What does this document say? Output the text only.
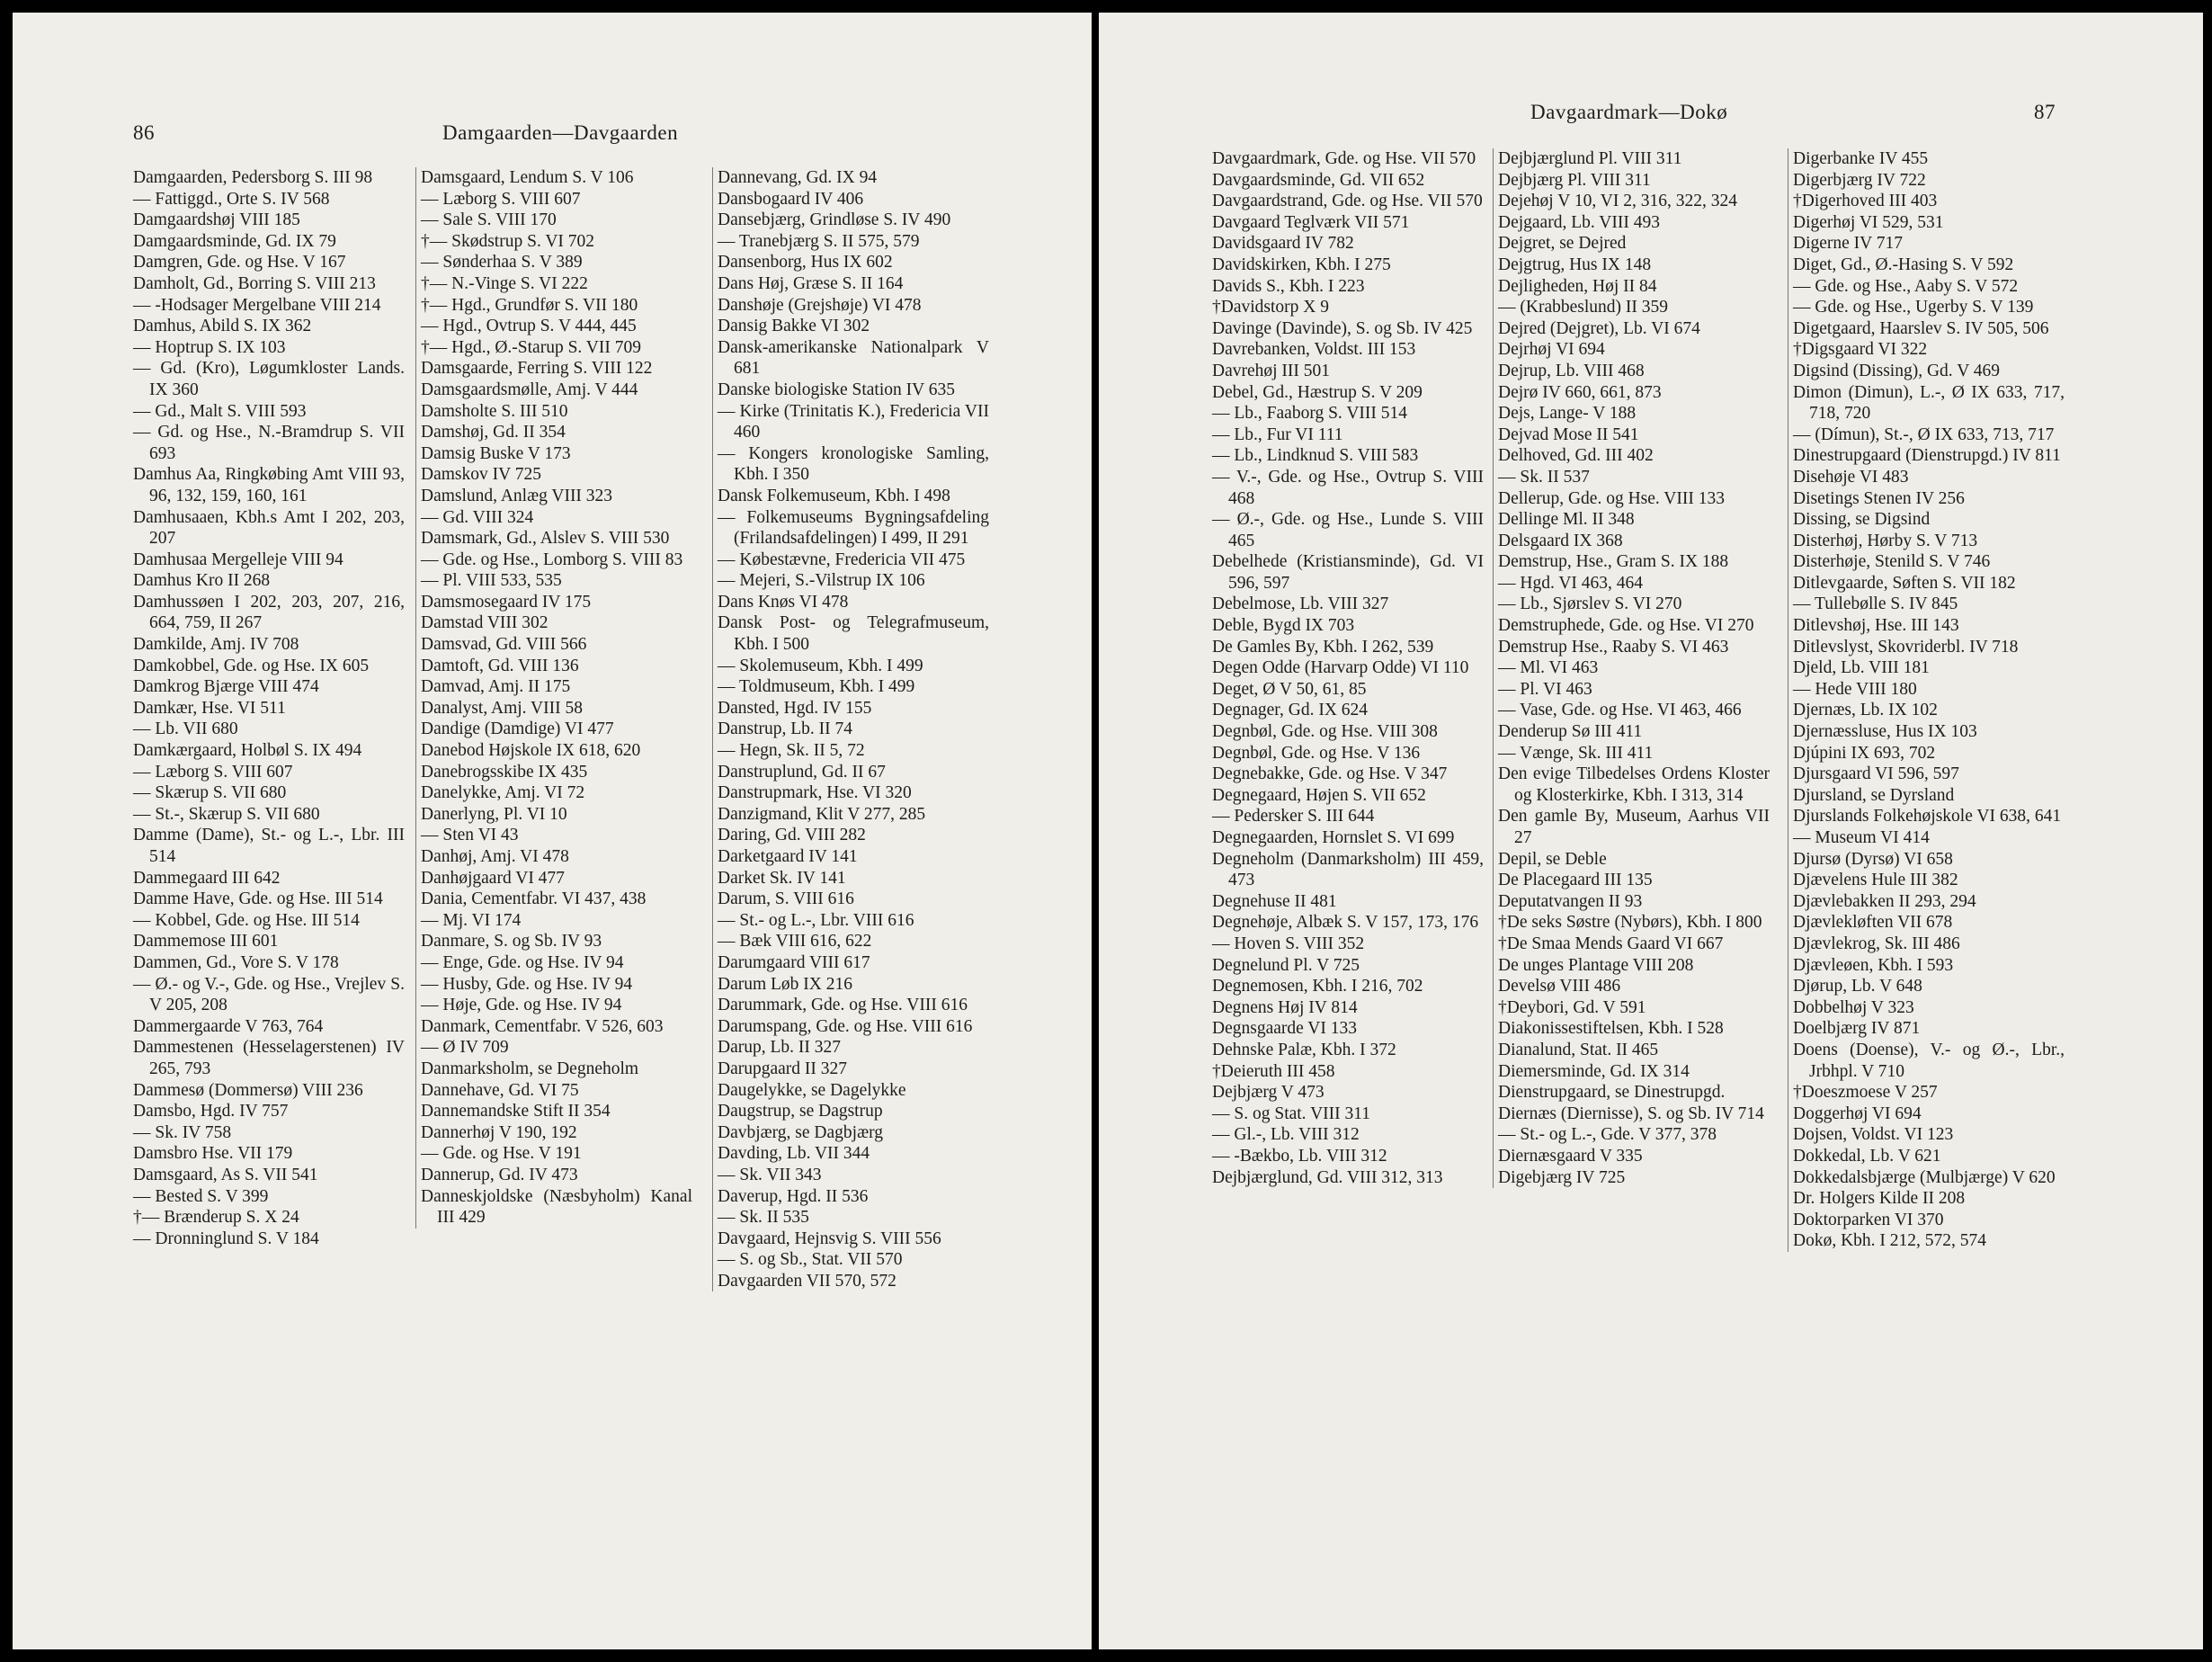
86	Damgaarden—Davgaarden
Damgaarden, Pedersborg S. III 98
— Fattiggd., Orte S. IV 568
Damgaardshøj VIII 185
Damgaardsminde, Gd. IX 79
Damgren, Gde. og Hse. V 167
Damholt, Gd., Borring S. VIII 213
— -Hodsager Mergelbane VIII 214
Damhus, Abild S. IX 362
— Hoptrup S. IX 103
— Gd. (Kro), Løgumkloster Lands. IX 360
— Gd., Malt S. VIII 593
— Gd. og Hse., N.-Bramdrup S. VII 693
Damhus Aa, Ringkøbing Amt VIII 93, 96, 132, 159, 160, 161
Damhusaaen, Kbh.s Amt I 202, 203, 207
Damhusaa Mergelleje VIII 94
Damhus Kro II 268
Damhussøen I 202, 203, 207, 216, 664, 759, II 267
Damkilde, Amj. IV 708
Damkobbel, Gde. og Hse. IX 605
Damkrog Bjærge VIII 474
Damkær, Hse. VI 511
— Lb. VII 680
Damkærgaard, Holbøl S. IX 494
— Læborg S. VIII 607
— Skærup S. VII 680
— St.-, Skærup S. VII 680
Damme (Dame), St.- og L.-, Lbr. III 514
Dammegaard III 642
Damme Have, Gde. og Hse. III 514
— Kobbel, Gde. og Hse. III 514
Dammemose III 601
Dammen, Gd., Vore S. V 178
— Ø.- og V.-, Gde. og Hse., Vrejlev S. V 205, 208
Dammergaarde V 763, 764
Dammestenen (Hesselagerstenen) IV 265, 793
Dammesø (Dommersø) VIII 236
Damsbo, Hgd. IV 757
— Sk. IV 758
Damsbro Hse. VII 179
Damsgaard, As S. VII 541
— Bested S. V 399
†— Brænderup S. X 24
— Dronninglund S. V 184
Damsgaard, Lendum S. V 106
— Læborg S. VIII 607
— Sale S. VIII 170
†— Skødstrup S. VI 702
— Sønderhaa S. V 389
†— N.-Vinge S. VI 222
†— Hgd., Grundfør S. VII 180
— Hgd., Ovtrup S. V 444, 445
†— Hgd., Ø.-Starup S. VII 709
Damsgaarde, Ferring S. VIII 122
Damsgaardsmølle, Amj. V 444
Damsholte S. III 510
Damshøj, Gd. II 354
Damsig Buske V 173
Damskov IV 725
Damslund, Anlæg VIII 323
— Gd. VIII 324
Damsmark, Gd., Alslev S. VIII 530
— Gde. og Hse., Lomborg S. VIII 83
— Pl. VIII 533, 535
Damsmosegaard IV 175
Damstad VIII 302
Damsvad, Gd. VIII 566
Damtoft, Gd. VIII 136
Damvad, Amj. II 175
Danalyst, Amj. VIII 58
Dandige (Damdige) VI 477
Danebod Højskole IX 618, 620
Danebrogsskibe IX 435
Danelykke, Amj. VI 72
Danerlyng, Pl. VI 10
— Sten VI 43
Danhøj, Amj. VI 478
Danhøjgaard VI 477
Dania, Cementfabr. VI 437, 438
— Mj. VI 174
Danmare, S. og Sb. IV 93
— Enge, Gde. og Hse. IV 94
— Husby, Gde. og Hse. IV 94
— Høje, Gde. og Hse. IV 94
Danmark, Cementfabr. V 526, 603
— Ø IV 709
Danmarksholm, se Degneholm
Dannehave, Gd. VI 75
Dannemandske Stift II 354
Dannerhøj V 190, 192
— Gde. og Hse. V 191
Dannerup, Gd. IV 473
Danneskjoldske (Næsbyholm) Kanal III 429
Dannevang, Gd. IX 94
Dansbogaard IV 406
Dansebjærg, Grindløse S. IV 490
— Tranebjærg S. II 575, 579
Dansenborg, Hus IX 602
Dans Høj, Græse S. II 164
Danshøje (Grejshøje) VI 478
Dansig Bakke VI 302
Dansk-amerikanske Nationalpark V 681
Danske biologiske Station IV 635
— Kirke (Trinitatis K.), Fredericia VII 460
— Kongers kronologiske Samling, Kbh. I 350
Dansk Folkemuseum, Kbh. I 498
— Folkemuseums Bygningsafdeling (Frilandsafdelingen) I 499, II 291
— Købestævne, Fredericia VII 475
— Mejeri, S.-Vilstrup IX 106
Dans Knøs VI 478
Dansk Post- og Telegrafmuseum, Kbh. I 500
— Skolemuseum, Kbh. I 499
— Toldmuseum, Kbh. I 499
Dansted, Hgd. IV 155
Danstrup, Lb. II 74
— Hegn, Sk. II 5, 72
Danstruplund, Gd. II 67
Danstrupmark, Hse. VI 320
Danzigmand, Klit V 277, 285
Daring, Gd. VIII 282
Darketgaard IV 141
Darket Sk. IV 141
Darum, S. VIII 616
— St.- og L.-, Lbr. VIII 616
— Bæk VIII 616, 622
Darumgaard VIII 617
Darum Løb IX 216
Darummark, Gde. og Hse. VIII 616
Darumspang, Gde. og Hse. VIII 616
Darup, Lb. II 327
Darupgaard II 327
Daugelykke, se Dagelykke
Daugstrup, se Dagstrup
Davbjærg, se Dagbjærg
Davding, Lb. VII 344
— Sk. VII 343
Daverup, Hgd. II 536
— Sk. II 535
Davgaard, Hejnsvig S. VIII 556
— S. og Sb., Stat. VII 570
Davgaarden VII 570, 572
Davgaardmark—Dokø	87
Davgaardmark, Gde. og Hse. VII 570
Davgaardsminde, Gd. VII 652
Davgaardstrand, Gde. og Hse. VII 570
Davgaard Teglværk VII 571
Davidsgaard IV 782
Davidskirken, Kbh. I 275
Davids S., Kbh. I 223
†Davidstorp X 9
Davinge (Davinde), S. og Sb. IV 425
Davrebanken, Voldst. III 153
Davrehøj III 501
Debel, Gd., Hæstrup S. V 209
— Lb., Faaborg S. VIII 514
— Lb., Fur VI 111
— Lb., Lindknud S. VIII 583
— V.-, Gde. og Hse., Ovtrup S. VIII 468
— Ø.-, Gde. og Hse., Lunde S. VIII 465
Debelhede (Kristiansminde), Gd. VI 596, 597
Debelmose, Lb. VIII 327
Deble, Bygd IX 703
De Gamles By, Kbh. I 262, 539
Degen Odde (Harvarp Odde) VI 110
Deget, Ø V 50, 61, 85
Degnager, Gd. IX 624
Degnbøl, Gde. og Hse. VIII 308
Degnbøl, Gde. og Hse. V 136
Degnebakke, Gde. og Hse. V 347
Degnegaard, Højen S. VII 652
— Pedersker S. III 644
Degnegaarden, Hornslet S. VI 699
Degneholm (Danmarksholm) III 459, 473
Degnehuse II 481
Degnehøje, Albæk S. V 157, 173, 176
— Hoven S. VIII 352
Degnelund Pl. V 725
Degnemosen, Kbh. I 216, 702
Degnens Høj IV 814
Degnsgaarde VI 133
Dehnske Palæ, Kbh. I 372
†Deieruth III 458
Dejbjærg V 473
— S. og Stat. VIII 311
— Gl.-, Lb. VIII 312
— -Bækbo, Lb. VIII 312
Dejbjærglund, Gd. VIII 312, 313
Dejbjærglund Pl. VIII 311
Dejbjærg Pl. VIII 311
Dejehøj V 10, VI 2, 316, 322, 324
Dejgaard, Lb. VIII 493
Dejgret, se Dejred
Dejgtrug, Hus IX 148
Dejligheden, Høj II 84
— (Krabbeslund) II 359
Dejred (Dejgret), Lb. VI 674
Dejrhøj VI 694
Dejrup, Lb. VIII 468
Dejrø IV 660, 661, 873
Dejs, Lange- V 188
Dejvad Mose II 541
Delhoved, Gd. III 402
— Sk. II 537
Dellerup, Gde. og Hse. VIII 133
Dellinge Ml. II 348
Delsgaard IX 368
Demstrup, Hse., Gram S. IX 188
— Hgd. VI 463, 464
— Lb., Sjørslev S. VI 270
Demstruphede, Gde. og Hse. VI 270
Demstrup Hse., Raaby S. VI 463
— Ml. VI 463
— Pl. VI 463
— Vase, Gde. og Hse. VI 463, 466
Denderup Sø III 411
— Vænge, Sk. III 411
Den evige Tilbedelses Ordens Kloster og Klosterkirke, Kbh. I 313, 314
Den gamle By, Museum, Aarhus VII 27
Depil, se Deble
De Placegaard III 135
Deputatvangen II 93
†De seks Søstre (Nybørs), Kbh. I 800
†De Smaa Mends Gaard VI 667
De unges Plantage VIII 208
Develsø VIII 486
†Deybori, Gd. V 591
Diakonissestiftelsen, Kbh. I 528
Dianalund, Stat. II 465
Diemersminde, Gd. IX 314
Dienstrupgaard, se Dinestrupgd.
Diernæs (Diernisse), S. og Sb. IV 714
— St.- og L.-, Gde. V 377, 378
Diernæsgaard V 335
Digebjærg IV 725
Digerbanke IV 455
Digerbjærg IV 722
†Digerhoved III 403
Digerhøj VI 529, 531
Digerne IV 717
Diget, Gd., Ø.-Hasing S. V 592
— Gde. og Hse., Aaby S. V 572
— Gde. og Hse., Ugerby S. V 139
Digetgaard, Haarslev S. IV 505, 506
†Digsgaard VI 322
Digsind (Dissing), Gd. V 469
Dimon (Dimun), L.-, Ø IX 633, 717, 718, 720
— (Dímun), St.-, Ø IX 633, 713, 717
Dinestrupgaard (Dienstrupgd.) IV 811
Disehøje VI 483
Disetings Stenen IV 256
Dissing, se Digsind
Disterhøj, Hørby S. V 713
Disterhøje, Stenild S. V 746
Ditlevgaarde, Søften S. VII 182
— Tullebølle S. IV 845
Ditlevshøj, Hse. III 143
Ditlevslyst, Skovriderbl. IV 718
Djeld, Lb. VIII 181
— Hede VIII 180
Djernæs, Lb. IX 102
Djernæssluse, Hus IX 103
Djúpini IX 693, 702
Djursgaard VI 596, 597
Djursland, se Dyrsland
Djurslands Folkehøjskole VI 638, 641
— Museum VI 414
Djursø (Dyrsø) VI 658
Djævelens Hule III 382
Djævlebakken II 293, 294
Djævlekløften VII 678
Djævlekrog, Sk. III 486
Djævleøen, Kbh. I 593
Djørup, Lb. V 648
Dobbelhøj V 323
Doelbjærg IV 871
Doens (Doense), V.- og Ø.-, Lbr., Jrbhpl. V 710
†Doeszmoese V 257
Doggerhøj VI 694
Dojsen, Voldst. VI 123
Dokkedal, Lb. V 621
Dokkedalsbjærge (Mulbjærge) V 620
Dr. Holgers Kilde II 208
Doktorparken VI 370
Dokø, Kbh. I 212, 572, 574
